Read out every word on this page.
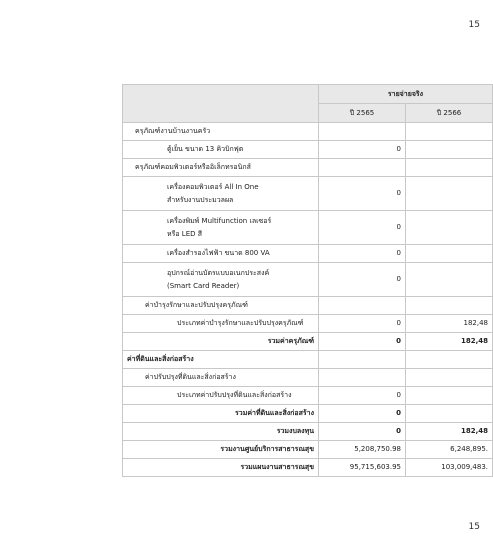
15
	รายจ่ายจริง	
	ปี 2565	ปี 2566
ครุภัณฑ์งานบ้านงานครัว		
ตู้เย็น ขนาด 13 คิวบิกฟุต	0	
ครุภัณฑ์คอมพิวเตอร์หรืออิเล็กทรอนิกส์		

เครื่องคอมพิวเตอร์ All In One
สำหรับงานประมวลผล	0	

เครื่องพิมพ์ Multifunction เลเซอร์
หรือ LED สี	0	
เครื่องสำรองไฟฟ้า ขนาด 800 VA	0	

อุปกรณ์อ่านบัตรแบบอเนกประสงค์
(Smart Card Reader)	0	
ค่าบำรุงรักษาและปรับปรุงครุภัณฑ์		
ประเภทค่าบำรุงรักษาและปรับปรุงครุภัณฑ์	0	182,48
รวมค่าครุภัณฑ์	0	182,48
ค่าที่ดินและสิ่งก่อสร้าง		
ค่าปรับปรุงที่ดินและสิ่งก่อสร้าง		
ประเภทค่าปรับปรุงที่ดินและสิ่งก่อสร้าง	0	
รวมค่าที่ดินและสิ่งก่อสร้าง	0	
รวมงบลงทุน	0	182,48
รวมงานศูนย์บริการสาธารณสุข	5,208,750.98	6,248,895.
รวมแผนงานสาธารณสุข	95,715,603.95	103,009,483.
15
